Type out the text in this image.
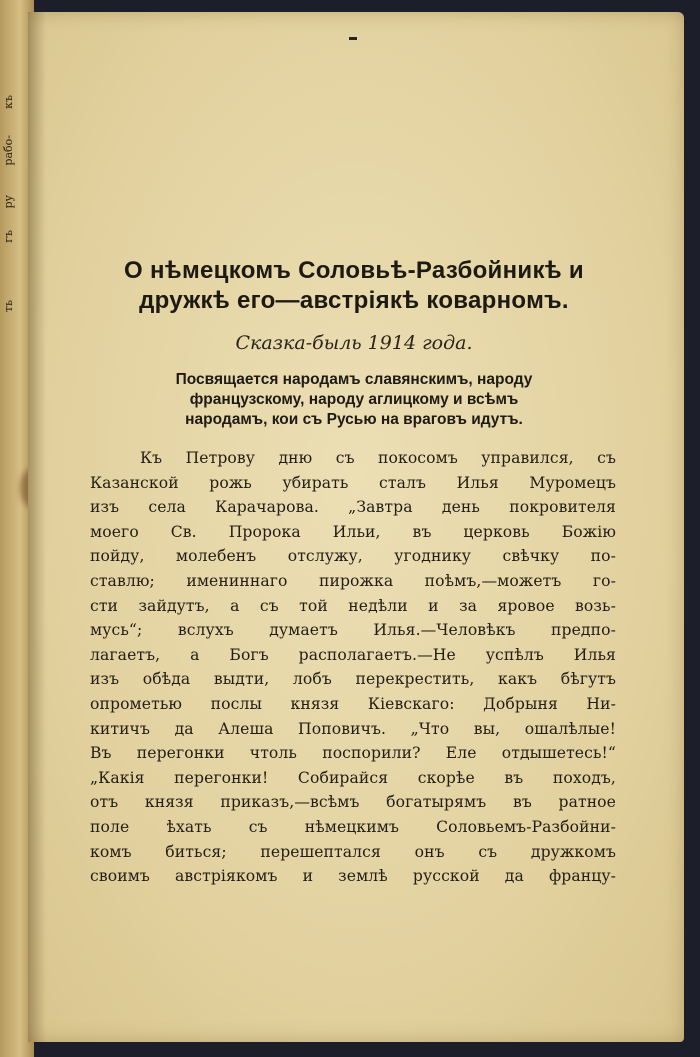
къ
рабо-
ру
гъ
ть
О нѣмецкомъ Соловьѣ-Разбойникѣ и
дружкѣ его—австріякѣ коварномъ.
Сказка-быль 1914 года.
Посвящается народамъ славянскимъ, народу
французскому, народу аглицкому и всѣмъ
народамъ, кои съ Русью на враговъ идутъ.
Къ Петрову дню съ покосомъ управился, съ
Казанской рожь убирать сталъ Илья Муромецъ
изъ села Карачарова. „Завтра день покровителя
моего Св. Пророка Ильи, въ церковь Божію
пойду, молебенъ отслужу, угоднику свѣчку по-
ставлю; имениннаго пирожка поѣмъ,—можетъ го-
сти зайдутъ, а съ той недѣли и за яровое возь-
мусь“; вслухъ думаетъ Илья.—Человѣкъ предпо-
лагаетъ, а Богъ располагаетъ.—Не успѣлъ Илья
изъ обѣда выдти, лобъ перекрестить, какъ бѣгутъ
опрометью послы князя Кіевскаго: Добрыня Ни-
китичъ да Алеша Поповичъ. „Что вы, ошалѣлые!
Въ перегонки чтоль поспорили? Еле отдышетесь!“
„Какія перегонки! Собирайся скорѣе въ походъ,
отъ князя приказъ,—всѣмъ богатырямъ въ ратное
поле ѣхать съ нѣмецкимъ Соловьемъ-Разбойни-
комъ биться; перешептался онъ съ дружкомъ
своимъ австріякомъ и землѣ русской да францу-
